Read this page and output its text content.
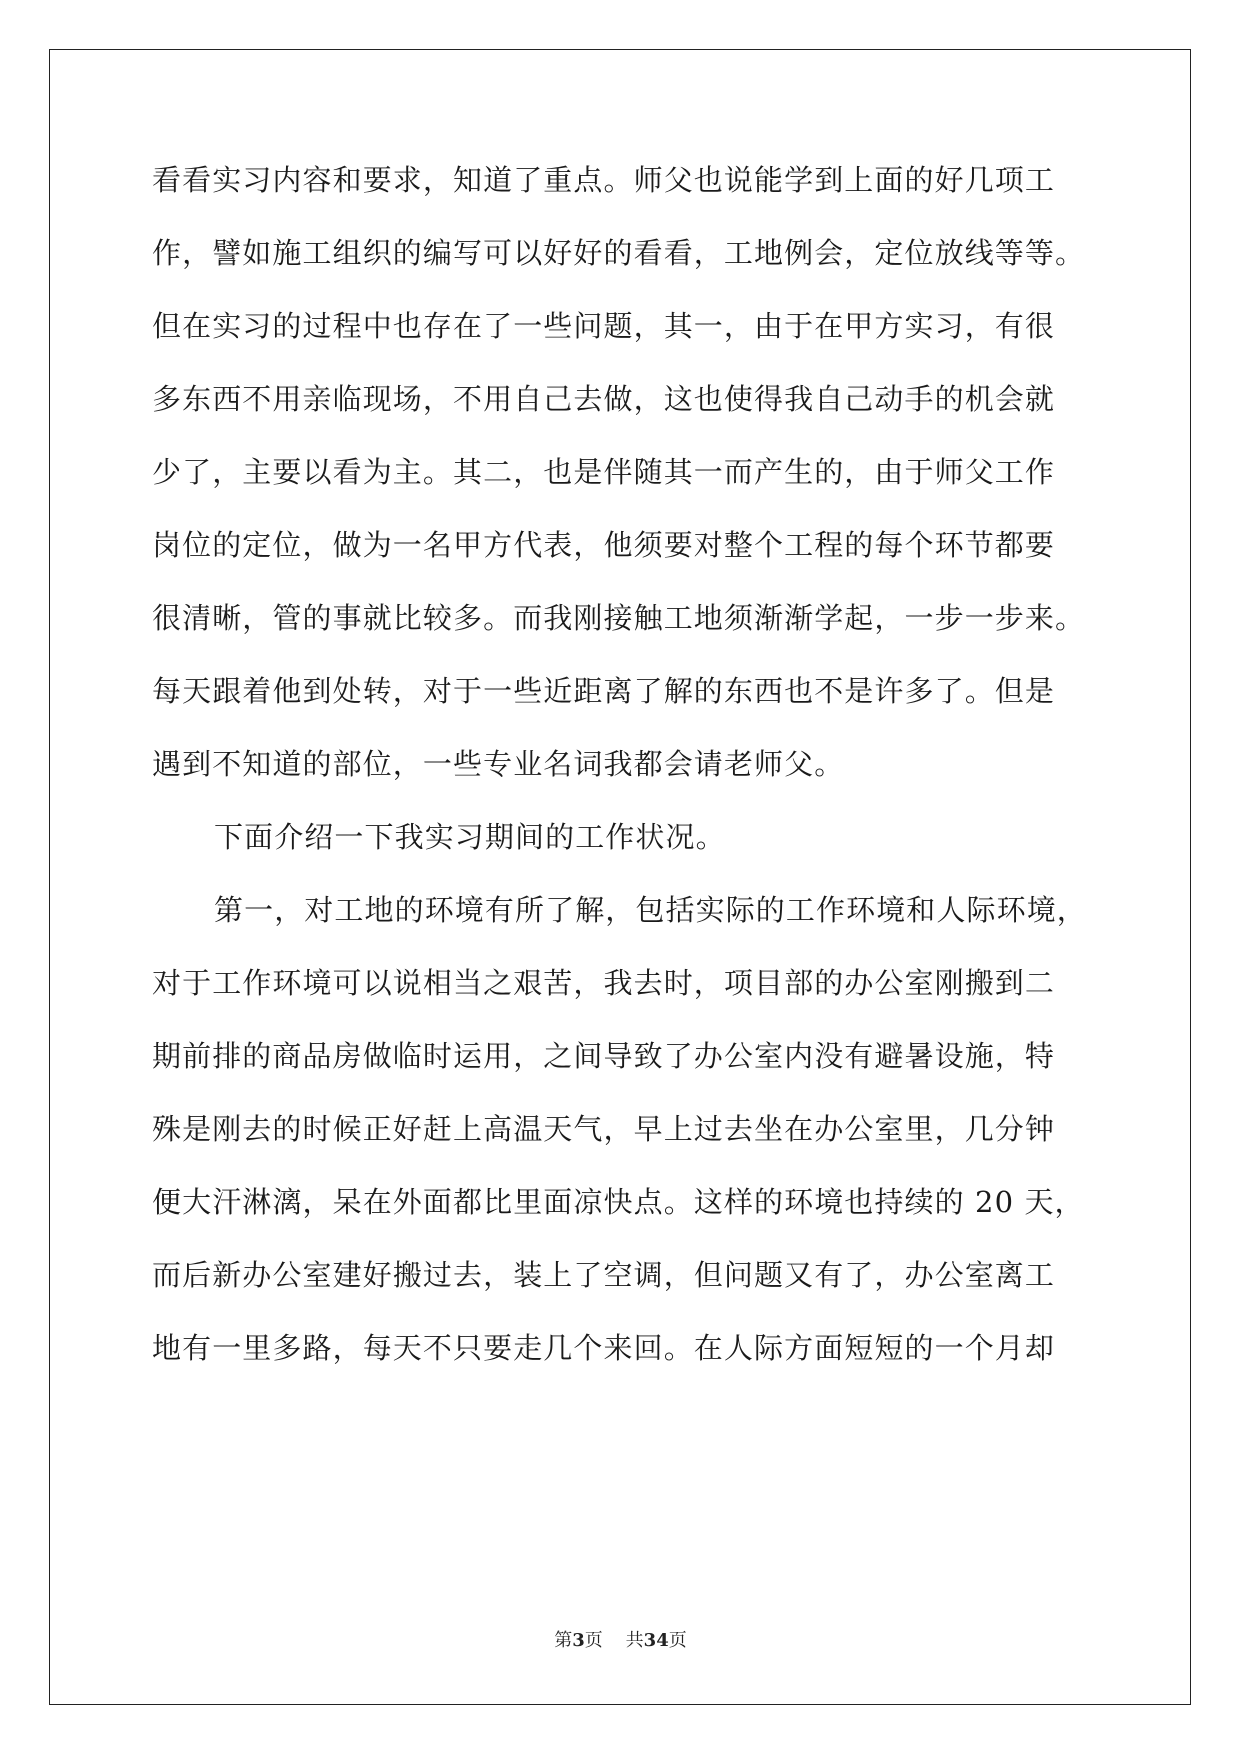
看看实习内容和要求，知道了重点。师父也说能学到上面的好几项工
作，譬如施工组织的编写可以好好的看看，工地例会，定位放线等等。
但在实习的过程中也存在了一些问题，其一，由于在甲方实习，有很
多东西不用亲临现场，不用自己去做，这也使得我自己动手的机会就
少了，主要以看为主。其二，也是伴随其一而产生的，由于师父工作
岗位的定位，做为一名甲方代表，他须要对整个工程的每个环节都要
很清晰，管的事就比较多。而我刚接触工地须渐渐学起，一步一步来。
每天跟着他到处转，对于一些近距离了解的东西也不是许多了。但是
遇到不知道的部位，一些专业名词我都会请老师父。
下面介绍一下我实习期间的工作状况。
第一，对工地的环境有所了解，包括实际的工作环境和人际环境，
对于工作环境可以说相当之艰苦，我去时，项目部的办公室刚搬到二
期前排的商品房做临时运用，之间导致了办公室内没有避暑设施，特
殊是刚去的时候正好赶上高温天气，早上过去坐在办公室里，几分钟
便大汗淋漓，呆在外面都比里面凉快点。这样的环境也持续的 20 天，
而后新办公室建好搬过去，装上了空调，但问题又有了，办公室离工
地有一里多路，每天不只要走几个来回。在人际方面短短的一个月却
第3页    共34页
